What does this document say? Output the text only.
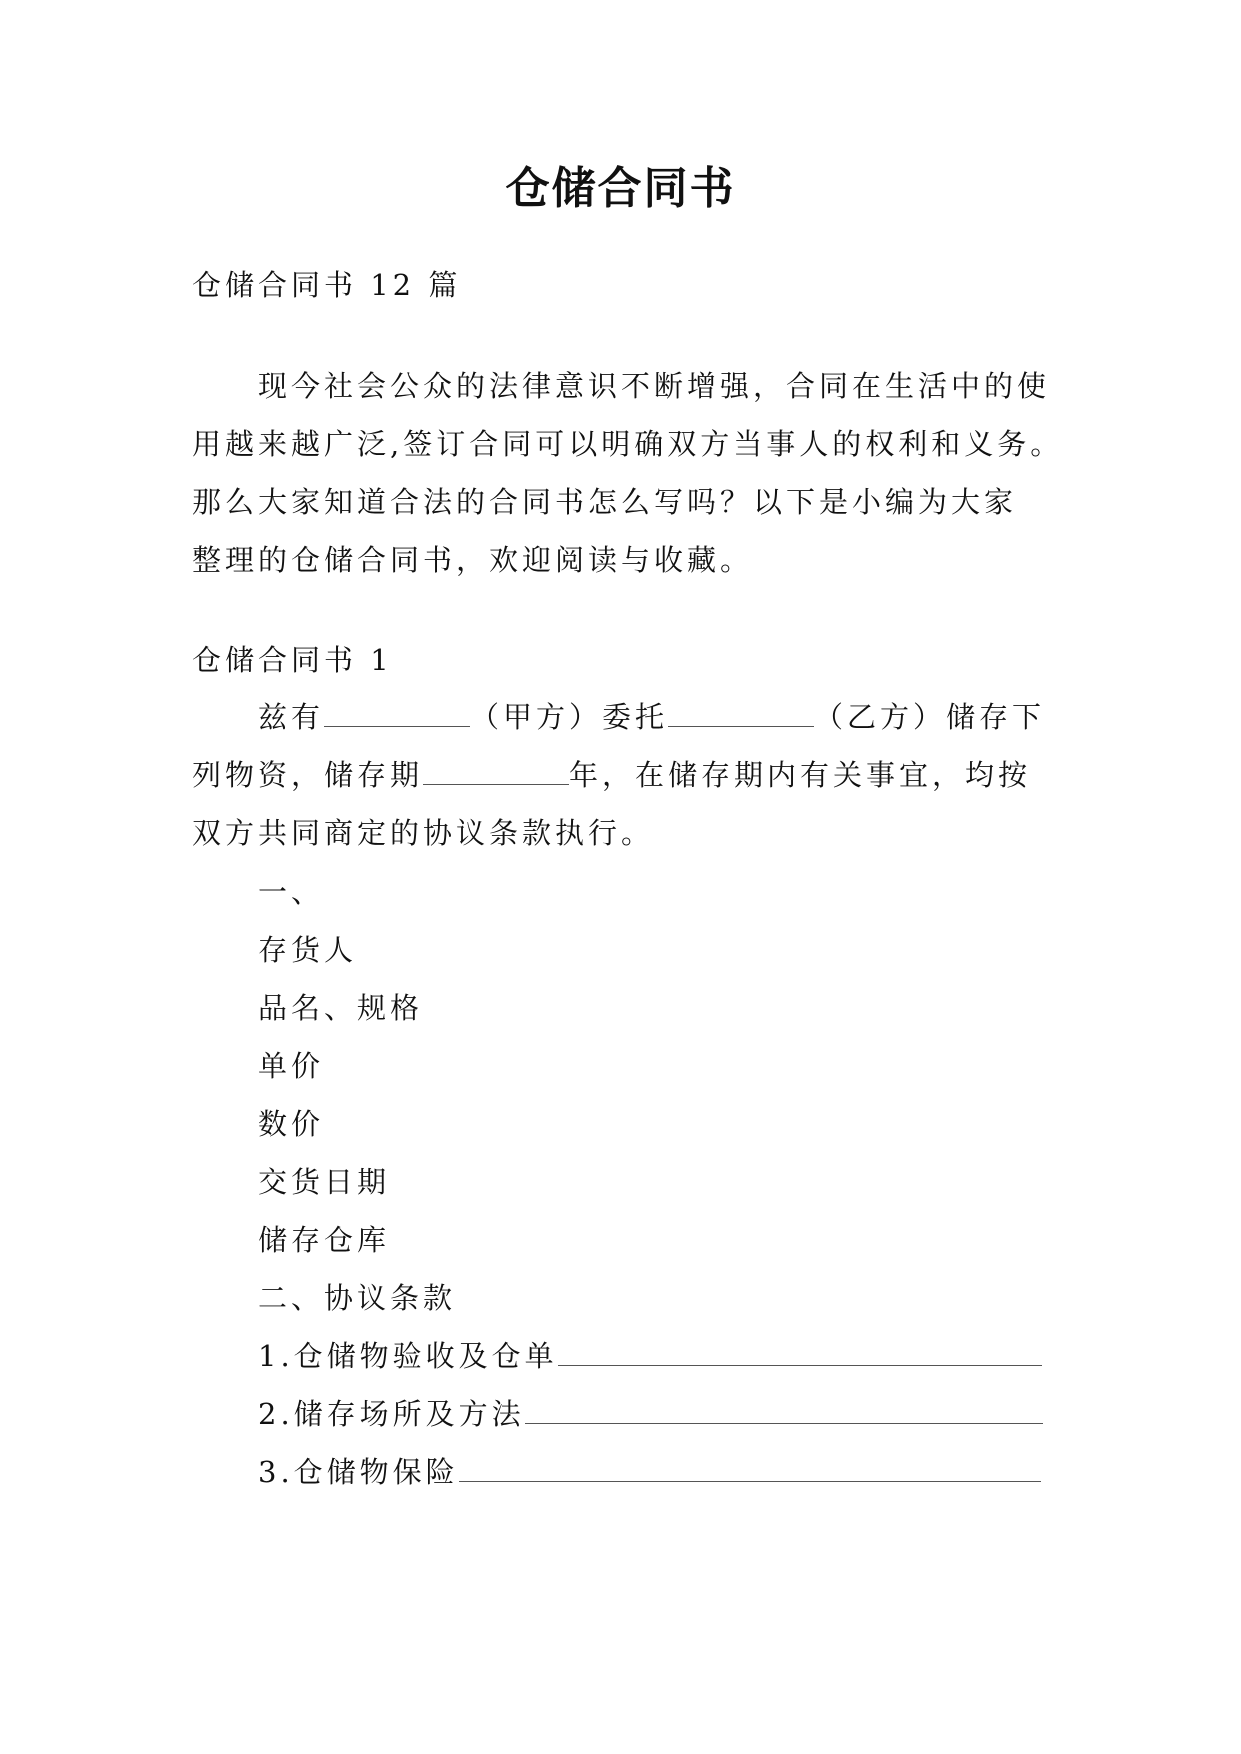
仓储合同书
仓储合同书 12 篇
现今社会公众的法律意识不断增强，合同在生活中的使
用越来越广泛,签订合同可以明确双方当事人的权利和义务。
那么大家知道合法的合同书怎么写吗？以下是小编为大家
整理的仓储合同书，欢迎阅读与收藏。
仓储合同书 1
兹有	（甲方）委托	（乙方）储存下
列物资，储存期	年，在储存期内有关事宜，均按
双方共同商定的协议条款执行。
一、
存货人
品名、规格
单价
数价
交货日期
储存仓库
二、协议条款
1.仓储物验收及仓单
2.储存场所及方法
3.仓储物保险
